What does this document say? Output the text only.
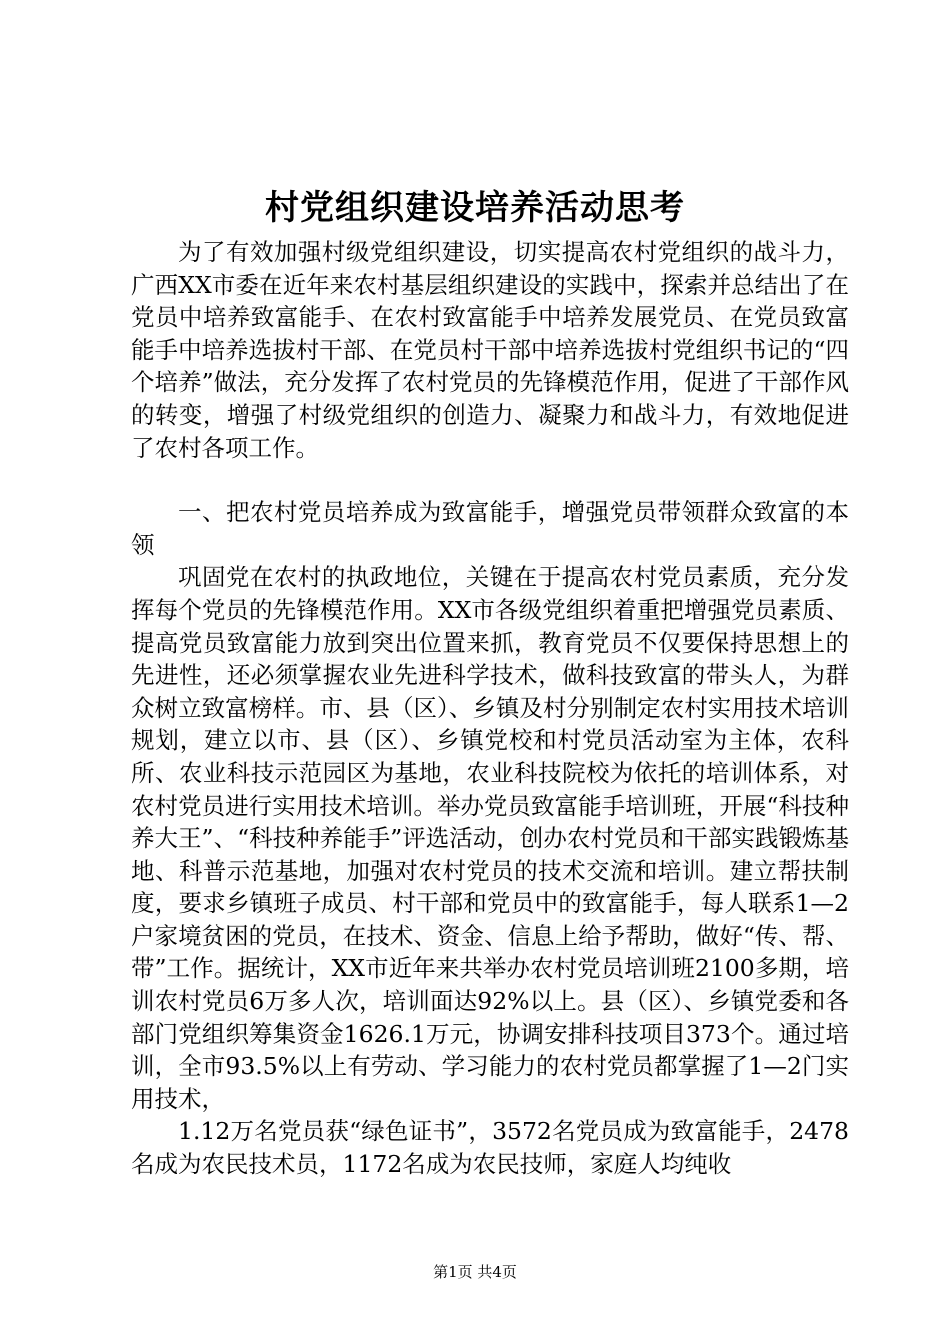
村党组织建设培养活动思考

为了有效加强村级党组织建设，切实提高农村党组织的战斗力，广西XX市委在近年来农村基层组织建设的实践中，探索并总结出了在党员中培养致富能手、在农村致富能手中培养发展党员、在党员致富能手中培养选拔村干部、在党员村干部中培养选拔村党组织书记的“四个培养”做法，充分发挥了农村党员的先锋模范作用，促进了干部作风的转变，增强了村级党组织的创造力、凝聚力和战斗力，有效地促进了农村各项工作。

一、把农村党员培养成为致富能手，增强党员带领群众致富的本领

巩固党在农村的执政地位，关键在于提高农村党员素质，充分发挥每个党员的先锋模范作用。XX市各级党组织着重把增强党员素质、提高党员致富能力放到突出位置来抓，教育党员不仅要保持思想上的先进性，还必须掌握农业先进科学技术，做科技致富的带头人，为群众树立致富榜样。市、县（区）、乡镇及村分别制定农村实用技术培训规划，建立以市、县（区）、乡镇党校和村党员活动室为主体，农科所、农业科技示范园区为基地，农业科技院校为依托的培训体系，对农村党员进行实用技术培训。举办党员致富能手培训班，开展“科技种养大王”、“科技种养能手”评选活动，创办农村党员和干部实践锻炼基地、科普示范基地，加强对农村党员的技术交流和培训。建立帮扶制度，要求乡镇班子成员、村干部和党员中的致富能手，每人联系1—2户家境贫困的党员，在技术、资金、信息上给予帮助，做好“传、帮、带”工作。据统计，XX市近年来共举办农村党员培训班2100多期，培训农村党员6万多人次，培训面达92%以上。县（区）、乡镇党委和各部门党组织筹集资金1626.1万元，协调安排科技项目373个。通过培训，全市93.5%以上有劳动、学习能力的农村党员都掌握了1—2门实用技术，

1.12万名党员获“绿色证书”，3572名党员成为致富能手，2478名成为农民技术员，1172名成为农民技师，家庭人均纯收

第1页 共4页
